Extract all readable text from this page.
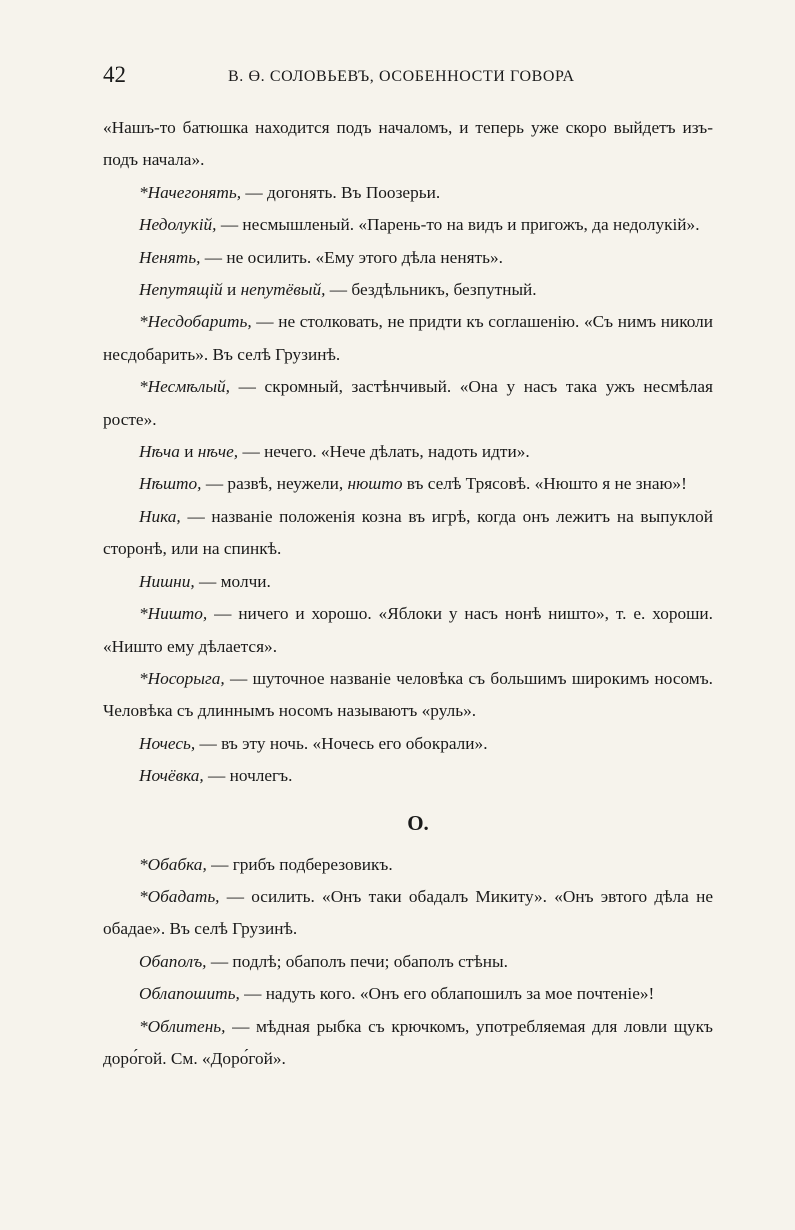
42	В. Ө. СОЛОВЬЕВЪ, ОСОБЕННОСТИ ГОВОРА

«Нашъ-то батюшка находится подъ началомъ, и теперь уже скоро выйдетъ изъ-подъ начала».

*Начегонять, — догонять. Въ Поозерьи.

Недолукій, — несмышленый. «Парень-то на видъ и пригожъ, да недолукій».

Ненять, — не осилить. «Ему этого дѣла ненять».

Непутящій и непутёвый, — бездѣльникъ, безпутный.

*Несдобарить, — не столковать, не придти къ соглашенію. «Съ нимъ николи несдобарить». Въ селѣ Грузинѣ.

*Несмѣлый, — скромный, застѣнчивый. «Она у насъ така ужъ несмѣлая росте».

Нѣча и нѣче, — нечего. «Нече дѣлать, надоть идти».

Нѣшто, — развѣ, неужели, нюшто въ селѣ Трясовѣ. «Нюшто я не знаю»!

Ника, — названіе положенія козна въ игрѣ, когда онъ лежитъ на выпуклой сторонѣ, или на спинкѣ.

Нишни, — молчи.

*Ништо, — ничего и хорошо. «Яблоки у насъ нонѣ ништо», т. е. хороши. «Ништо ему дѣлается».

*Носорыга, — шуточное названіе человѣка съ большимъ широкимъ носомъ. Человѣка съ длиннымъ носомъ называютъ «руль».

Ночесь, — въ эту ночь. «Ночесь его обокрали».

Ночёвка, — ночлегъ.

О.

*Обабка, — грибъ подберезовикъ.

*Обадать, — осилить. «Онъ таки обадалъ Микиту». «Онъ эвтого дѣла не обадае». Въ селѣ Грузинѣ.

Обаполъ, — подлѣ; обаполъ печи; обаполъ стѣны.

Облапошить, — надуть кого. «Онъ его облапошилъ за мое почтеніе»!

*Облитень, — мѣдная рыбка съ крючкомъ, употребляемая для ловли щукъ доро́гой. См. «Доро́гой».
